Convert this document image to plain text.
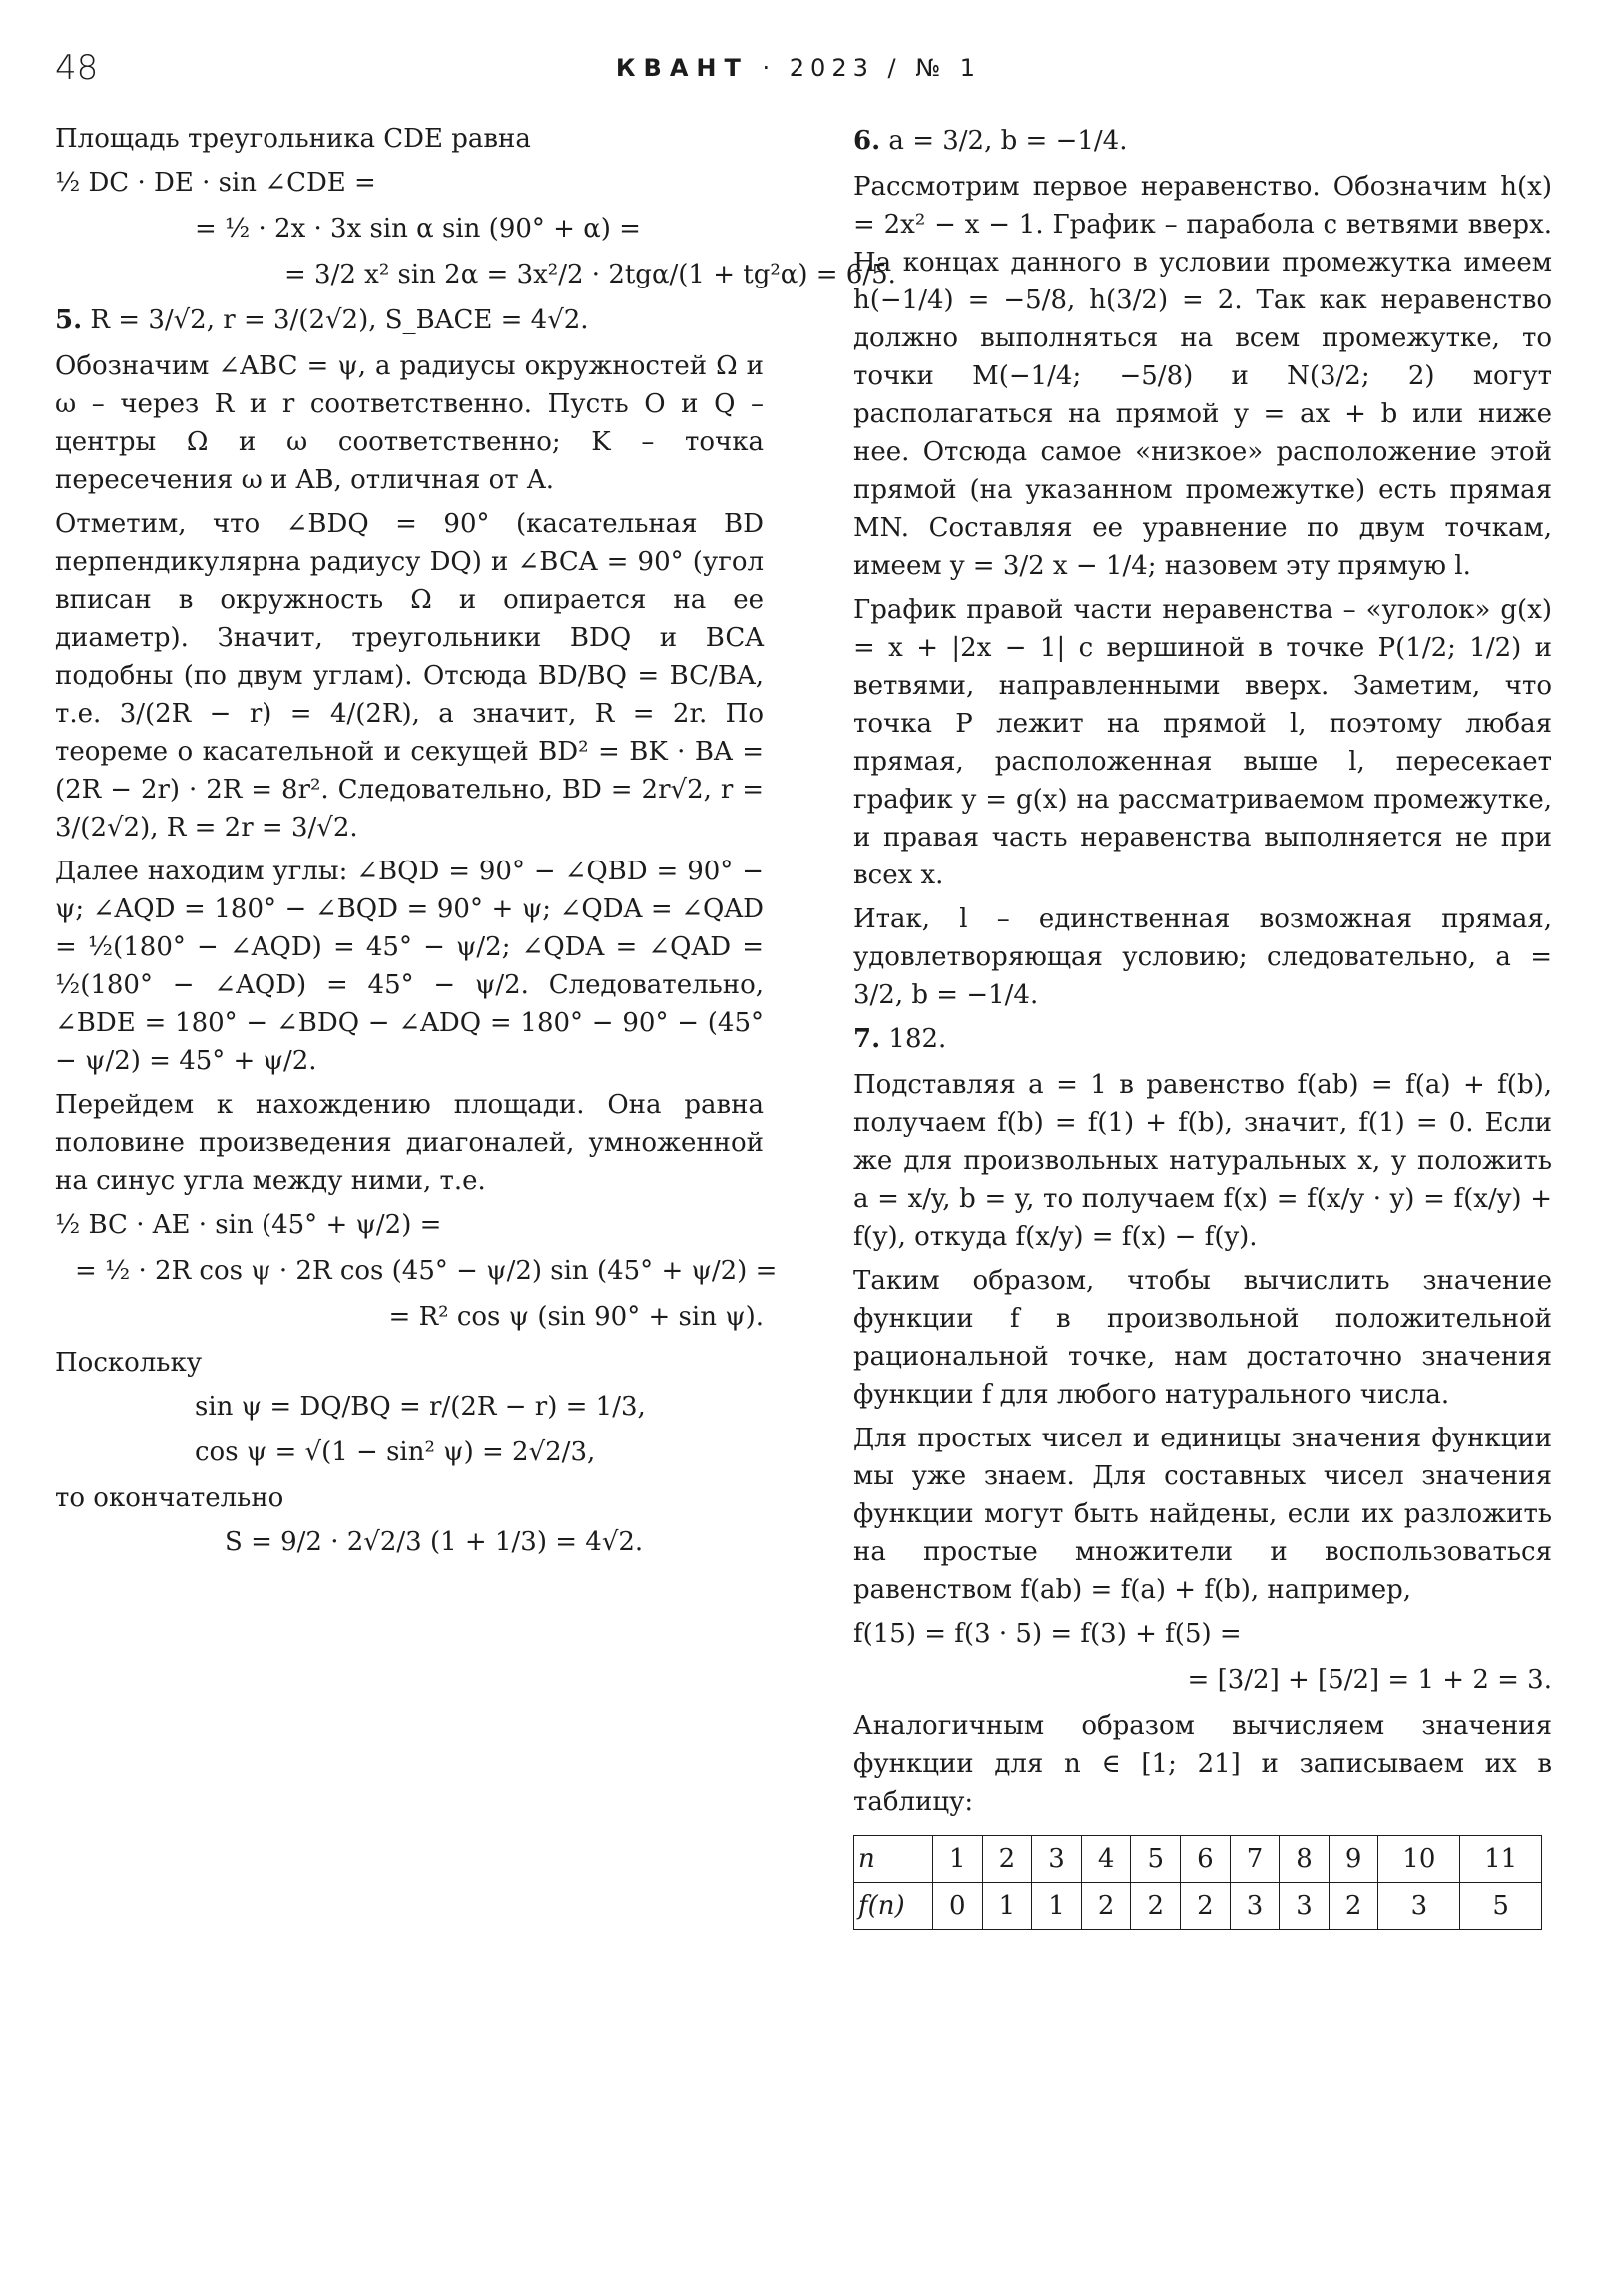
48	КВАНТ · 2023 / № 1

Площадь треугольника CDE равна

½ DC · DE · sin ∠CDE =
= ½ · 2x · 3x sin α sin (90° + α) =
= 3/2 x² sin 2α = 3x²/2 · 2tgα/(1 + tg²α) = 6/5.
5. R = 3/√2, r = 3/(2√2), S_BACE = 4√2.

Обозначим ∠ABC = ψ, а радиусы окружностей Ω и ω – через R и r соответственно. Пусть O и Q – центры Ω и ω соответственно; K – точка пересечения ω и AB, отличная от A.

Отметим, что ∠BDQ = 90° (касательная BD перпендикулярна радиусу DQ) и ∠BCA = 90° (угол вписан в окружность Ω и опирается на ее диаметр). Значит, треугольники BDQ и BCA подобны (по двум углам). Отсюда BD/BQ = BC/BA, т.е. 3/(2R − r) = 4/(2R), а значит, R = 2r. По теореме о касательной и секущей BD² = BK · BA = (2R − 2r) · 2R = 8r². Следовательно, BD = 2r√2, r = 3/(2√2), R = 2r = 3/√2.

Далее находим углы: ∠BQD = 90° − ∠QBD = 90° − ψ; ∠AQD = 180° − ∠BQD = 90° + ψ; ∠QDA = ∠QAD = ½(180° − ∠AQD) = 45° − ψ/2; ∠QDA = ∠QAD = ½(180° − ∠AQD) = 45° − ψ/2. Следовательно, ∠BDE = 180° − ∠BDQ − ∠ADQ = 180° − 90° − (45° − ψ/2) = 45° + ψ/2.

Перейдем к нахождению площади. Она равна половине произведения диагоналей, умноженной на синус угла между ними, т.е.

½ BC · AE · sin (45° + ψ/2) =
= ½ · 2R cos ψ · 2R cos (45° − ψ/2) sin (45° + ψ/2) =
= R² cos ψ (sin 90° + sin ψ).

Поскольку

sin ψ = DQ/BQ = r/(2R − r) = 1/3,
cos ψ = √(1 − sin² ψ) = 2√2/3,

то окончательно

S = 9/2 · 2√2/3 (1 + 1/3) = 4√2.
6. a = 3/2, b = −1/4.

Рассмотрим первое неравенство. Обозначим h(x) = 2x² − x − 1. График – парабола с ветвями вверх. На концах данного в условии промежутка имеем h(−1/4) = −5/8, h(3/2) = 2. Так как неравенство должно выполняться на всем промежутке, то точки M(−1/4; −5/8) и N(3/2; 2) могут располагаться на прямой y = ax + b или ниже нее. Отсюда самое «низкое» расположение этой прямой (на указанном промежутке) есть прямая MN. Составляя ее уравнение по двум точкам, имеем y = 3/2 x − 1/4; назовем эту прямую l.

График правой части неравенства – «уголок» g(x) = x + |2x − 1| с вершиной в точке P(1/2; 1/2) и ветвями, направленными вверх. Заметим, что точка P лежит на прямой l, поэтому любая прямая, расположенная выше l, пересекает график y = g(x) на рассматриваемом промежутке, и правая часть неравенства выполняется не при всех x.

Итак, l – единственная возможная прямая, удовлетворяющая условию; следовательно, a = 3/2, b = −1/4.

7. 182.

Подставляя a = 1 в равенство f(ab) = f(a) + f(b), получаем f(b) = f(1) + f(b), значит, f(1) = 0. Если же для произвольных натуральных x, y положить a = x/y, b = y, то получаем f(x) = f(x/y · y) = f(x/y) + f(y), откуда f(x/y) = f(x) − f(y).

Таким образом, чтобы вычислить значение функции f в произвольной положительной рациональной точке, нам достаточно значения функции f для любого натурального числа.

Для простых чисел и единицы значения функции мы уже знаем. Для составных чисел значения функции могут быть найдены, если их разложить на простые множители и воспользоваться равенством f(ab) = f(a) + f(b), например,

f(15) = f(3 · 5) = f(3) + f(5) =
= [3/2] + [5/2] = 1 + 2 = 3.

Аналогичным образом вычисляем значения функции для n ∈ [1; 21] и записываем их в таблицу:

n	1	2	3	4	5	6	7	8	9	10	11
f(n)	0	1	1	2	2	2	3	3	2	3	5
